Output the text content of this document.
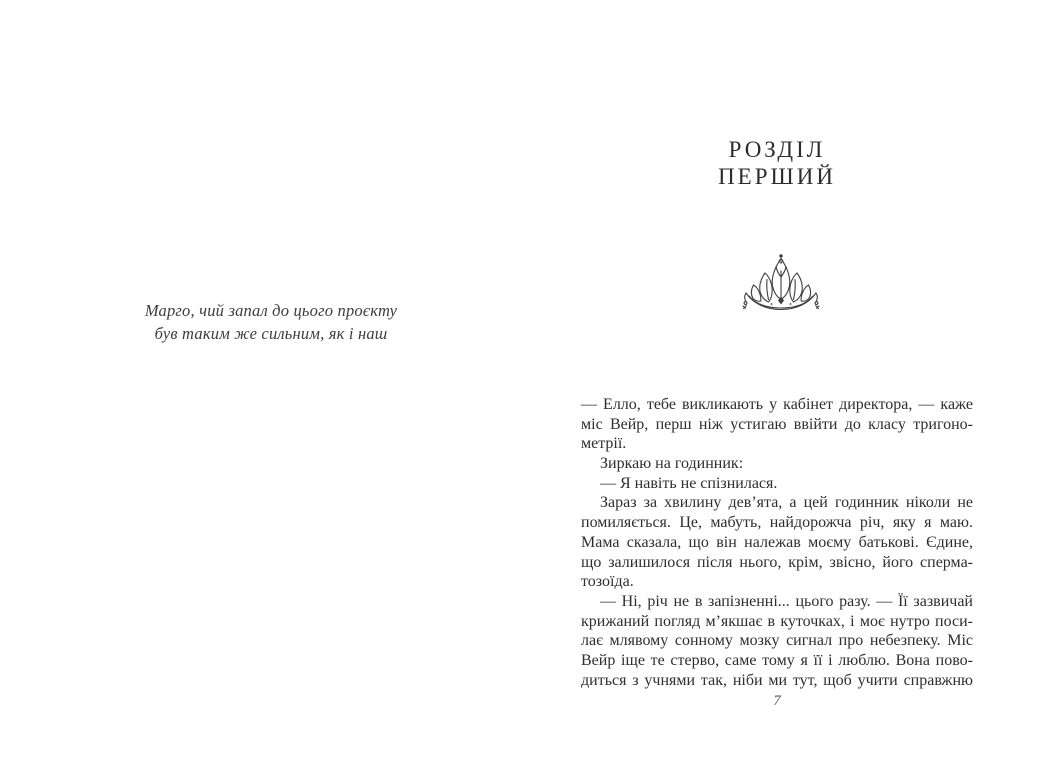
Марго, чий запал до цього проєкту
був таким же сильним, як і наш
РОЗДІЛ
ПЕРШИЙ
— Елло, тебе викликають у кабінет директора, — каже
міс Вейр, перш ніж устигаю ввійти до класу тригоно-
метрії.
Зиркаю на годинник:
— Я навіть не спізнилася.
Зараз за хвилину дев’ята, а цей годинник ніколи не
помиляється. Це, мабуть, найдорожча річ, яку я маю.
Мама сказала, що він належав моєму батькові. Єдине,
що залишилося після нього, крім, звісно, його сперма-
тозоїда.
— Ні, річ не в запізненні... цього разу. — Її зазвичай
крижаний погляд м’якшає в куточках, і моє нутро поси-
лає млявому сонному мозку сигнал про небезпеку. Міс
Вейр іще те стерво, саме тому я її і люблю. Вона пово-
диться з учнями так, ніби ми тут, щоб учити справжню
7
